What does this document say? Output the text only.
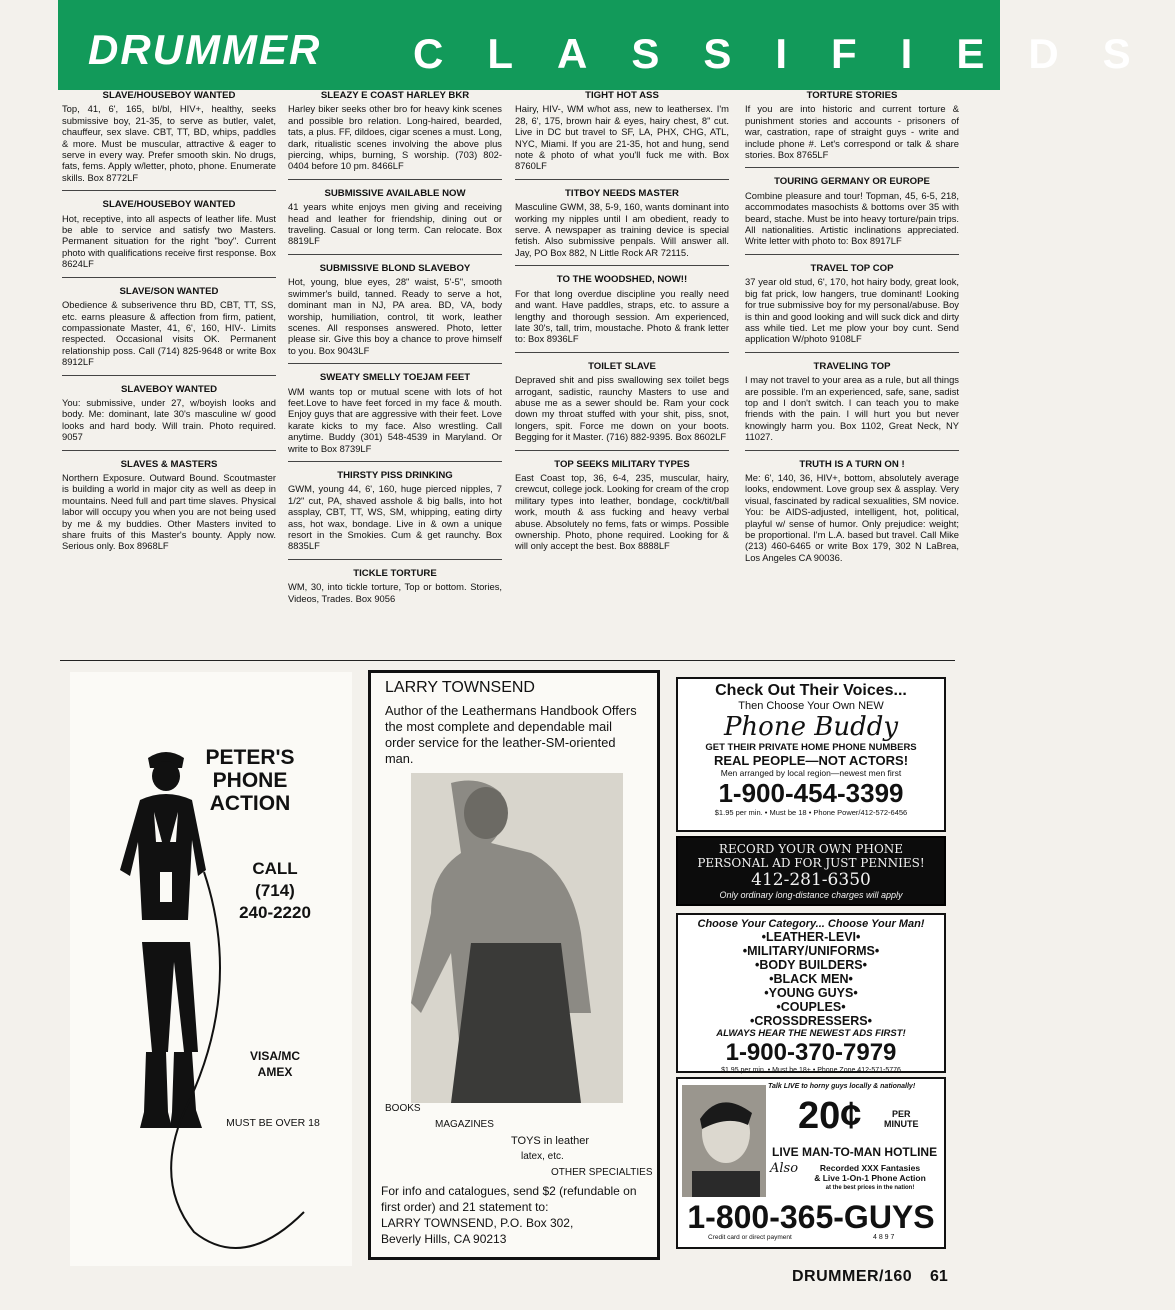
DRUMMER CLASSIFIEDS
SLAVE/HOUSEBOY WANTED
Top, 41, 6', 165, bl/bl, HIV+, healthy, seeks submissive boy, 21-35, to serve as butler, valet, chauffeur, sex slave. CBT, TT, BD, whips, paddles & more. Must be muscular, attractive & eager to serve in every way. Prefer smooth skin. No drugs, fats, fems. Apply w/letter, photo, phone. Enumerate skills. Box 8772LF
SLAVE/HOUSEBOY WANTED
Hot, receptive, into all aspects of leather life. Must be able to service and satisfy two Masters. Permanent situation for the right "boy". Current photo with qualifications receive first response. Box 8624LF
SLAVE/SON WANTED
Obedience & subserivence thru BD, CBT, TT, SS, etc. earns pleasure & affection from firm, patient, compassionate Master, 41, 6', 160, HIV-. Limits respected. Occasional visits OK. Permanent relationship poss. Call (714) 825-9648 or write Box 8912LF
SLAVEBOY WANTED
You: submissive, under 27, w/boyish looks and body. Me: dominant, late 30's masculine w/ good looks and hard body. Will train. Photo required. 9057
SLAVES & MASTERS
Northern Exposure. Outward Bound. Scoutmaster is building a world in major city as well as deep in mountains. Need full and part time slaves. Physical labor will occupy you when you are not being used by me & my buddies. Other Masters invited to share fruits of this Master's bounty. Apply now. Serious only. Box 8968LF
SLEAZY E COAST HARLEY BKR
Harley biker seeks other bro for heavy kink scenes and possible bro relation. Long-haired, bearded, tats, a plus. FF, dildoes, cigar scenes a must. Long, dark, ritualistic scenes involving the above plus piercing, whips, burning, S worship. (703) 802-0404 before 10 pm. 8466LF
SUBMISSIVE AVAILABLE NOW
41 years white enjoys men giving and receiving head and leather for friendship, dining out or traveling. Casual or long term. Can relocate. Box 8819LF
SUBMISSIVE BLOND SLAVEBOY
Hot, young, blue eyes, 28" waist, 5'-5", smooth swimmer's build, tanned. Ready to serve a hot, dominant man in NJ, PA area. BD, VA, body worship, humiliation, control, tit work, leather scenes. All responses answered. Photo, letter please sir. Give this boy a chance to prove himself to you. Box 9043LF
SWEATY SMELLY TOEJAM FEET
WM wants top or mutual scene with lots of hot feet.Love to have feet forced in my face & mouth. Enjoy guys that are aggressive with their feet. Love karate kicks to my face. Also wrestling. Call anytime. Buddy (301) 548-4539 in Maryland. Or write to Box 8739LF
THIRSTY PISS DRINKING
GWM, young 44, 6', 160, huge pierced nipples, 7 1/2" cut, PA, shaved asshole & big balls, into hot assplay, CBT, TT, WS, SM, whipping, eating dirty ass, hot wax, bondage. Live in & own a unique resort in the Smokies. Cum & get raunchy. Box 8835LF
TICKLE TORTURE
WM, 30, into tickle torture, Top or bottom. Stories, Videos, Trades. Box 9056
TIGHT HOT ASS
Hairy, HIV-, WM w/hot ass, new to leathersex. I'm 28, 6', 175, brown hair & eyes, hairy chest, 8" cut. Live in DC but travel to SF, LA, PHX, CHG, ATL, NYC, Miami. If you are 21-35, hot and hung, send note & photo of what you'll fuck me with. Box 8760LF
TITBOY NEEDS MASTER
Masculine GWM, 38, 5-9, 160, wants dominant into working my nipples until I am obedient, ready to serve. A newspaper as training device is special fetish. Also submissive penpals. Will answer all. Jay, PO Box 882, N Little Rock AR 72115.
TO THE WOODSHED, NOW!!
For that long overdue discipline you really need and want. Have paddles, straps, etc. to assure a lengthy and thorough session. Am experienced, late 30's, tall, trim, moustache. Photo & frank letter to: Box 8936LF
TOILET SLAVE
Depraved shit and piss swallowing sex toilet begs arrogant, sadistic, raunchy Masters to use and abuse me as a sewer should be. Ram your cock down my throat stuffed with your shit, piss, snot, longers, spit. Force me down on your boots. Begging for it Master. (716) 882-9395. Box 8602LF
TOP SEEKS MILITARY TYPES
East Coast top, 36, 6-4, 235, muscular, hairy, crewcut, college jock. Looking for cream of the crop military types into leather, bondage, cock/tit/ball work, mouth & ass fucking and heavy verbal abuse. Absolutely no fems, fats or wimps. Possible ownership. Photo, phone required. Looking for & will only accept the best. Box 8888LF
TORTURE STORIES
If you are into historic and current torture & punishment stories and accounts - prisoners of war, castration, rape of straight guys - write and include phone #. Let's correspond or talk & share stories. Box 8765LF
TOURING GERMANY OR EUROPE
Combine pleasure and tour! Topman, 45, 6-5, 218, accommodates masochists & bottoms over 35 with beard, stache. Must be into heavy torture/pain trips. All nationalities. Artistic inclinations appreciated. Write letter with photo to: Box 8917LF
TRAVEL TOP COP
37 year old stud, 6', 170, hot hairy body, great look, big fat prick, low hangers, true dominant! Looking for true submissive boy for my personal/abuse. Boy is thin and good looking and will suck dick and dirty ass while tied. Let me plow your boy cunt. Send application W/photo 9108LF
TRAVELING TOP
I may not travel to your area as a rule, but all things are possible. I'm an experienced, safe, sane, sadist top and I don't switch. I can teach you to make friends with the pain. I will hurt you but never knowingly harm you. Box 1102, Great Neck, NY 11027.
TRUTH IS A TURN ON !
Me: 6', 140, 36, HIV+, bottom, absolutely average looks, endowment. Love group sex & assplay. Very visual, fascinated by radical sexualities, SM novice. You: be AIDS-adjusted, intelligent, hot, political, playful w/ sense of humor. Only prejudice: weight; be proportional. I'm L.A. based but travel. Call Mike (213) 460-6465 or write Box 179, 302 N LaBrea, Los Angeles CA 90036.
PETER'S
PHONE
ACTION
CALL
(714)
240-2220
VISA/MC
AMEX
MUST BE OVER 18
LARRY TOWNSEND
Author of the Leathermans Handbook Offers the most complete and dependable mail order service for the leather-SM-oriented man.
BOOKS
MAGAZINES
TOYS in leather
latex, etc.
OTHER SPECIALTIES
For info and catalogues, send $2 (refundable on first order) and 21 statement to:
LARRY TOWNSEND, P.O. Box 302,
Beverly Hills, CA 90213
Check Out Their Voices...
Then Choose Your Own NEW
Phone Buddy
GET THEIR PRIVATE HOME PHONE NUMBERS
REAL PEOPLE—NOT ACTORS!
Men arranged by local region—newest men first
1-900-454-3399
$1.95 per min. • Must be 18 • Phone Power/412-572-6456
RECORD YOUR OWN PHONE
PERSONAL AD FOR JUST PENNIES!
412-281-6350
Only ordinary long-distance charges will apply
Choose Your Category... Choose Your Man!
•LEATHER-LEVI•
•MILITARY/UNIFORMS•
•BODY BUILDERS•
•BLACK MEN•
•YOUNG GUYS•
•COUPLES•
•CROSSDRESSERS•
ALWAYS HEAR THE NEWEST ADS FIRST!
1-900-370-7979
$1.95 per min. • Must be 18+ • Phone Zone 412-571-5776
Talk LIVE to horny guys locally & nationally!
20¢	PER
MINUTE
LIVE MAN-TO-MAN HOTLINE
Also	Recorded XXX Fantasies
& Live 1-On-1 Phone Action
at the best prices in the nation!
1-800-365-GUYS
Credit card or direct payment	4 8 9 7
DRUMMER/160 61
